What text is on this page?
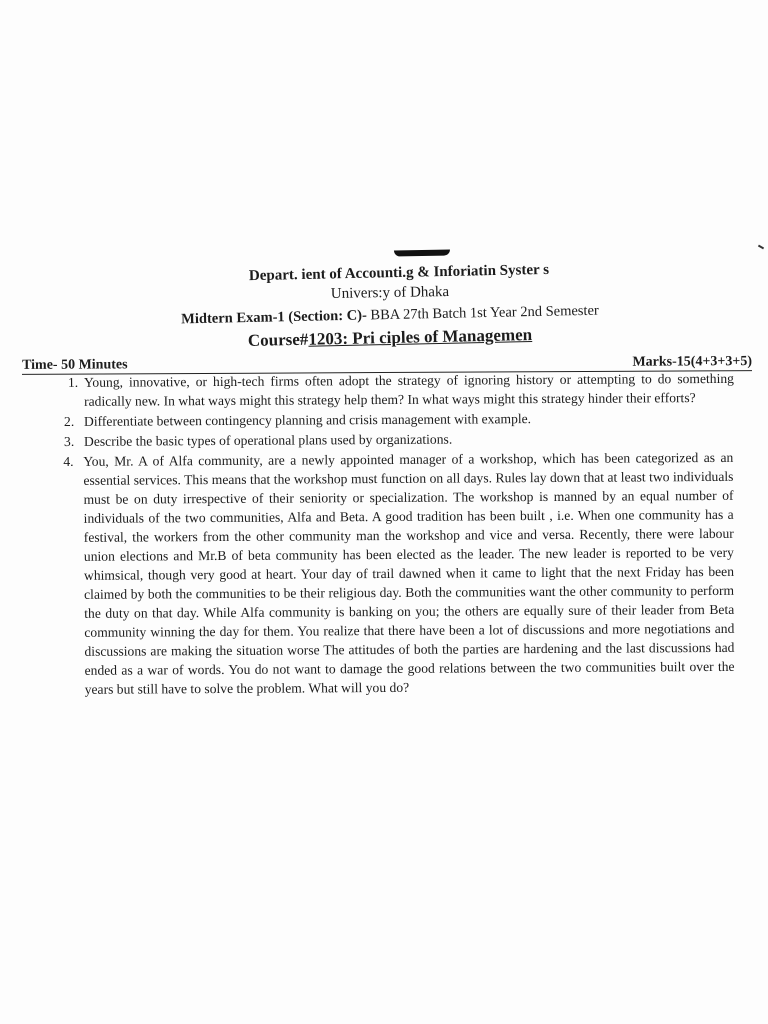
Depart. ient of Accounti.g & Inforiatin Syster s
Univers:y of Dhaka
Midtern Exam-1 (Section: C)- BBA 27th Batch 1st Year 2nd Semester
Course#1203: Pri ciples of Managemen
Time- 50 Minutes	Marks-15(4+3+3+5)
1. Young, innovative, or high-tech firms often adopt the strategy of ignoring history or attempting to do something radically new. In what ways might this strategy help them? In what ways might this strategy hinder their efforts?
2. Differentiate between contingency planning and crisis management with example.
3. Describe the basic types of operational plans used by organizations.
4. You, Mr. A of Alfa community, are a newly appointed manager of a workshop, which has been categorized as an essential services. This means that the workshop must function on all days. Rules lay down that at least two individuals must be on duty irrespective of their seniority or specialization. The workshop is manned by an equal number of individuals of the two communities, Alfa and Beta. A good tradition has been built , i.e. When one community has a festival, the workers from the other community man the workshop and vice and versa. Recently, there were labour union elections and Mr.B of beta community has been elected as the leader. The new leader is reported to be very whimsical, though very good at heart. Your day of trail dawned when it came to light that the next Friday has been claimed by both the communities to be their religious day. Both the communities want the other community to perform the duty on that day. While Alfa community is banking on you; the others are equally sure of their leader from Beta community winning the day for them. You realize that there have been a lot of discussions and more negotiations and discussions are making the situation worse The attitudes of both the parties are hardening and the last discussions had ended as a war of words. You do not want to damage the good relations between the two communities built over the years but still have to solve the problem. What will you do?
